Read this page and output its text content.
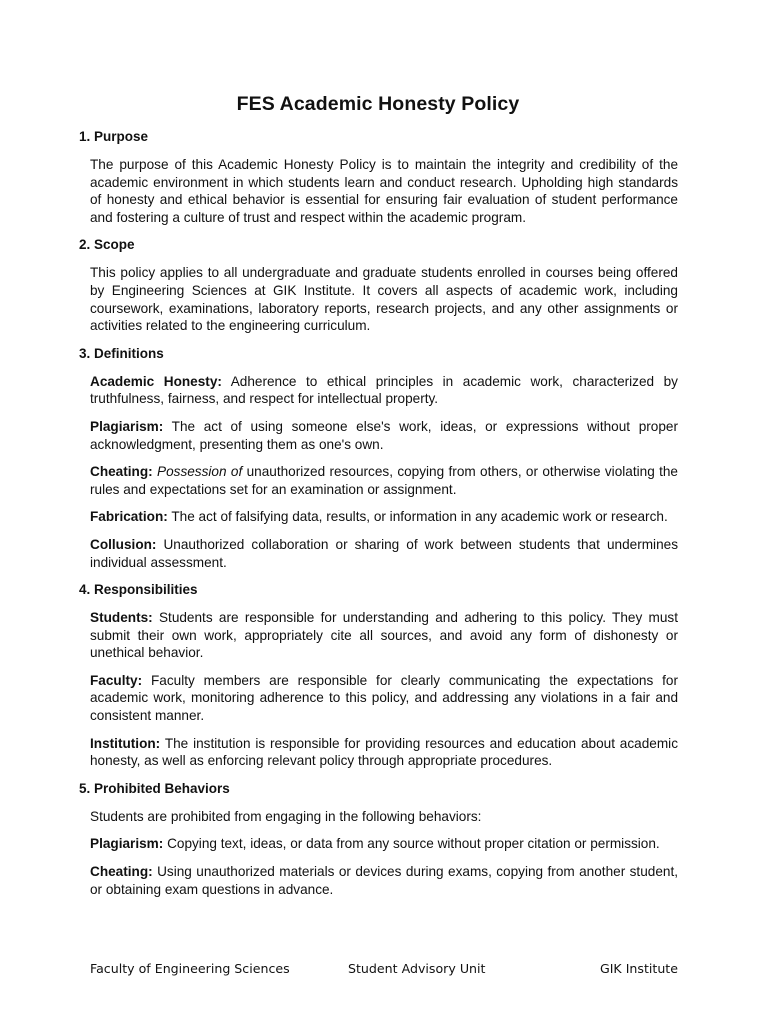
FES Academic Honesty Policy
1. Purpose

The purpose of this Academic Honesty Policy is to maintain the integrity and credibility of the academic environment in which students learn and conduct research. Upholding high standards of honesty and ethical behavior is essential for ensuring fair evaluation of student performance and fostering a culture of trust and respect within the academic program.

2. Scope

This policy applies to all undergraduate and graduate students enrolled in courses being offered by Engineering Sciences at GIK Institute. It covers all aspects of academic work, including coursework, examinations, laboratory reports, research projects, and any other assignments or activities related to the engineering curriculum.

3. Definitions

Academic Honesty: Adherence to ethical principles in academic work, characterized by truthfulness, fairness, and respect for intellectual property.

Plagiarism: The act of using someone else's work, ideas, or expressions without proper acknowledgment, presenting them as one's own.

Cheating: Possession of unauthorized resources, copying from others, or otherwise violating the rules and expectations set for an examination or assignment.

Fabrication: The act of falsifying data, results, or information in any academic work or research.

Collusion: Unauthorized collaboration or sharing of work between students that undermines individual assessment.

4. Responsibilities

Students: Students are responsible for understanding and adhering to this policy. They must submit their own work, appropriately cite all sources, and avoid any form of dishonesty or unethical behavior.

Faculty: Faculty members are responsible for clearly communicating the expectations for academic work, monitoring adherence to this policy, and addressing any violations in a fair and consistent manner.

Institution: The institution is responsible for providing resources and education about academic honesty, as well as enforcing relevant policy through appropriate procedures.

5. Prohibited Behaviors

Students are prohibited from engaging in the following behaviors:

Plagiarism: Copying text, ideas, or data from any source without proper citation or permission.

Cheating: Using unauthorized materials or devices during exams, copying from another student, or obtaining exam questions in advance.

Faculty of Engineering Sciences	Student Advisory Unit	GIK Institute
